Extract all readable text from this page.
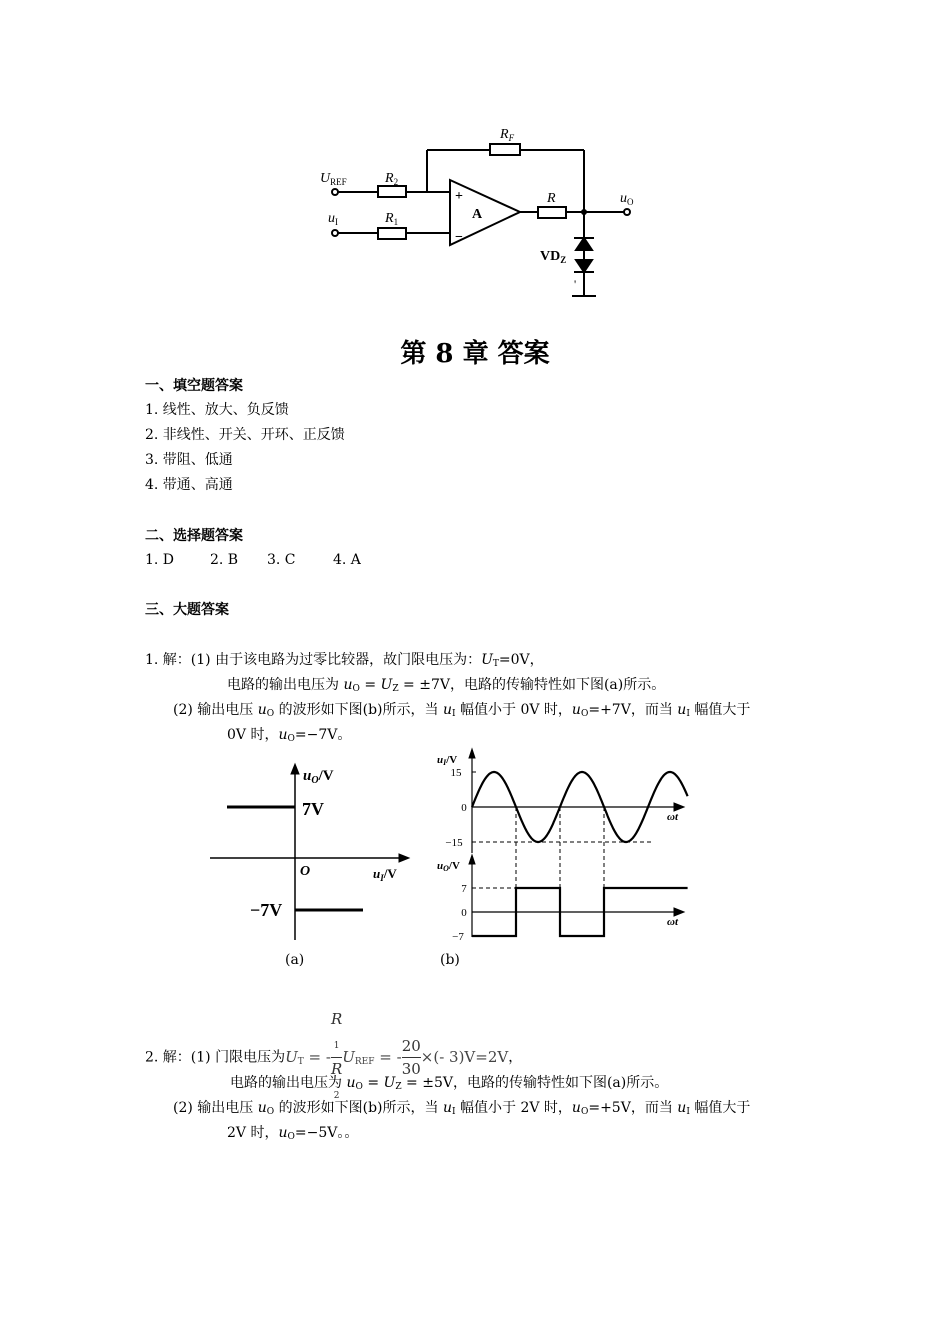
$R_F$
$U_{REF}$	$R_2$
$u_I$	$R_1$
+
−
A
R	$u_O$
$VD_Z$
'
第 8 章 答案
一、填空题答案
1. 线性、放大、负反馈
2. 非线性、开关、开环、正反馈
3. 带阻、低通
4. 带通、高通
二、选择题答案
1. D	2. B 3. C	4. A
三、大题答案
1. 解：(1) 由于该电路为过零比较器，故门限电压为：$U_T=0V$，
电路的输出电压为 $u_O = U_Z = \pm 7V$，电路的传输特性如下图(a)所示。
(2) 输出电压 $u_O$ 的波形如下图(b)所示，当 $u_I$ 幅值小于 0V 时，$u_O=+7V$，而当 $u_I$ 幅值大于
0V 时，$u_O=-7V$。
$u_O/V$
7V
O	$u_I/V$
−7V
(a)
uI/V
15
0
−15
ωt
uO/V
7
0
−7
ωt
(b)
2. 解：(1) 门限电压为$U_T$ = - R
$_1$
R
$_2$ $U_{REF}$ = - $\frac{20}{30}$ ×(- 3)V=2V，
电路的输出电压为 $u_O = U_Z = \pm 5V$，电路的传输特性如下图(a)所示。
(2) 输出电压 $u_O$ 的波形如下图(b)所示，当 $u_I$ 幅值小于 2V 时，$u_O=+5V$，而当 $u_I$ 幅值大于
2V 时，$u_O=-5V$。。
